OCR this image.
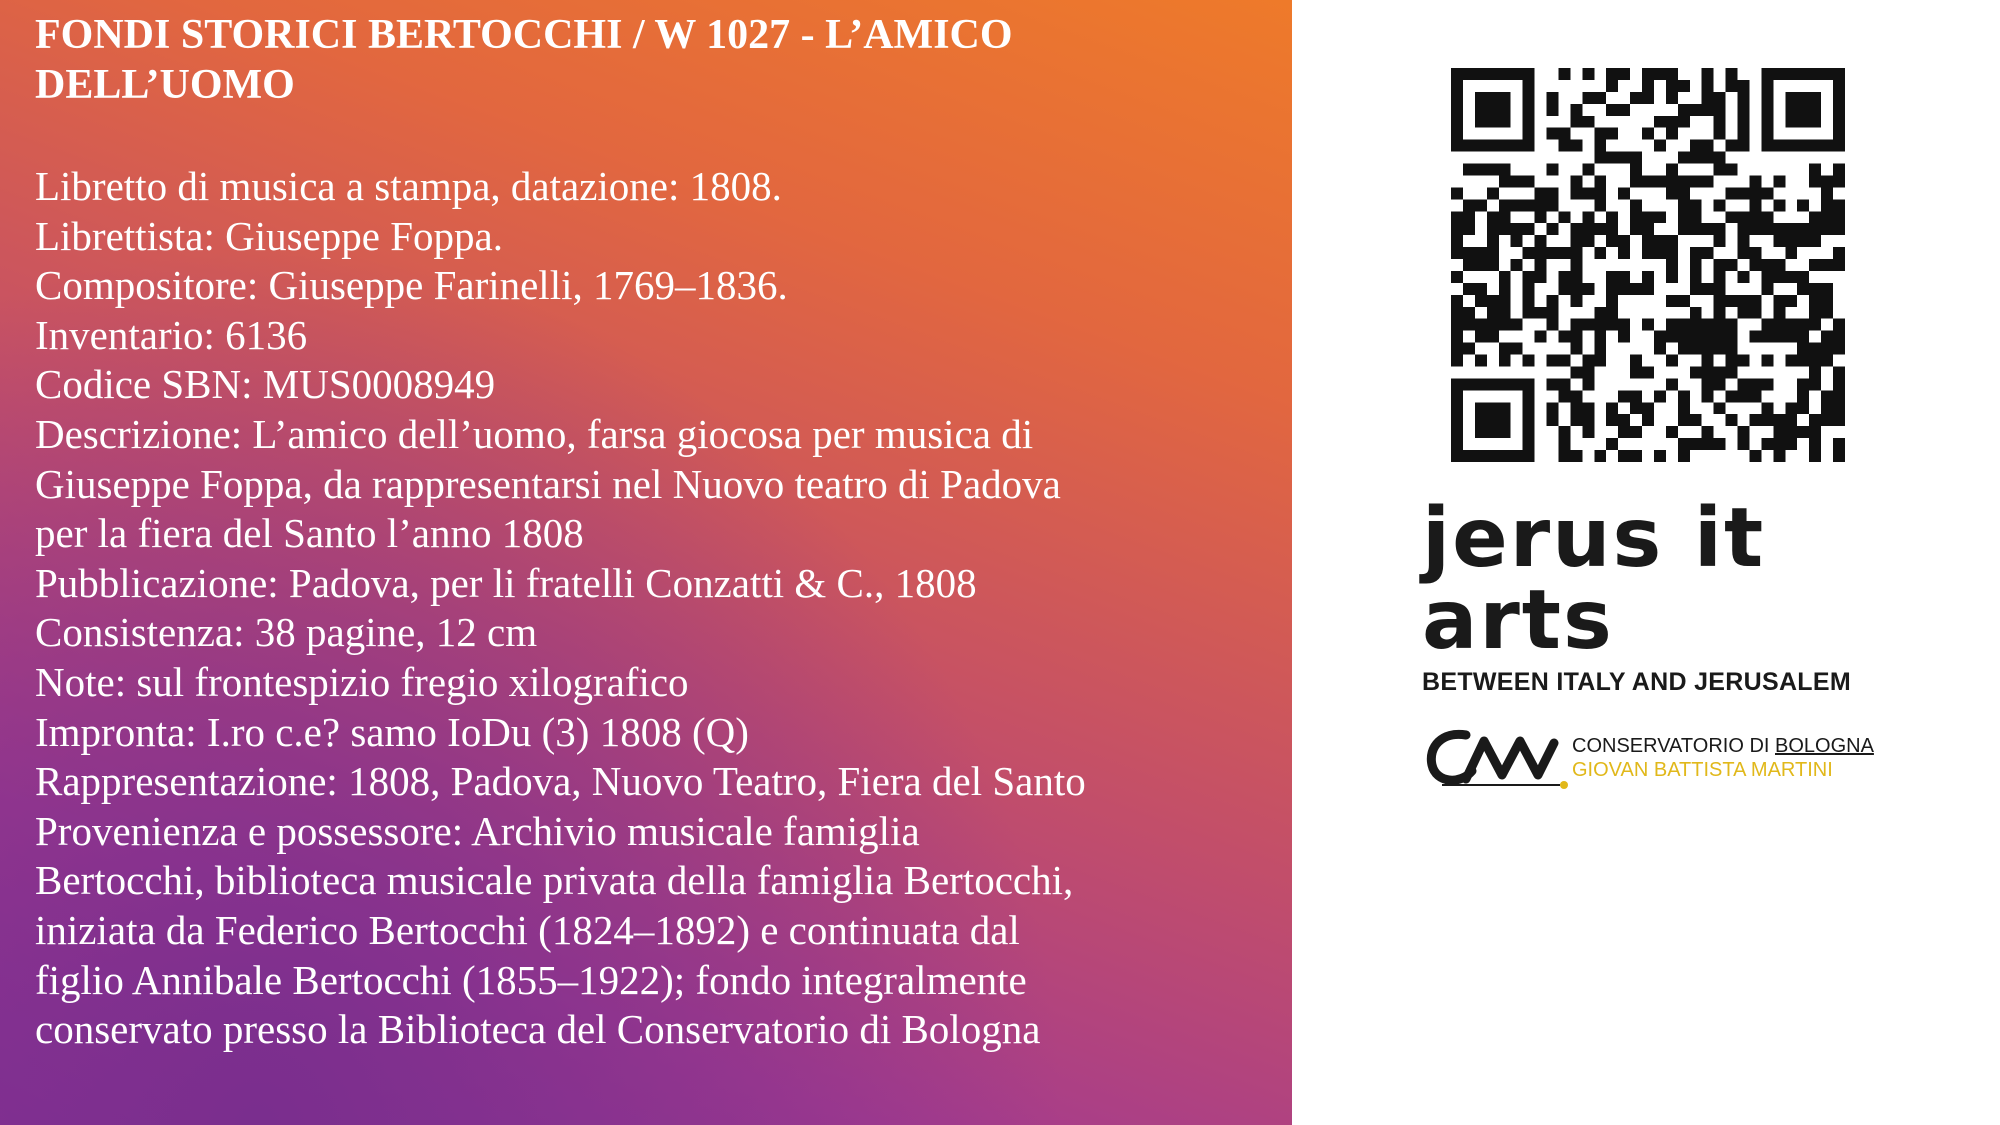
FONDI STORICI BERTOCCHI / W 1027 - L’AMICO DELL’UOMO
Libretto di musica a stampa, datazione: 1808.
Librettista: Giuseppe Foppa.
Compositore: Giuseppe Farinelli, 1769–1836.
Inventario: 6136
Codice SBN: MUS0008949
Descrizione: L’amico dell’uomo, farsa giocosa per musica di
Giuseppe Foppa, da rappresentarsi nel Nuovo teatro di Padova
per la fiera del Santo l’anno 1808
Pubblicazione: Padova, per li fratelli Conzatti & C., 1808
Consistenza: 38 pagine, 12 cm
Note: sul frontespizio fregio xilografico
Impronta: I.ro c.e? samo IoDu (3) 1808 (Q)
Rappresentazione: 1808, Padova, Nuovo Teatro, Fiera del Santo
Provenienza e possessore: Archivio musicale famiglia
Bertocchi, biblioteca musicale privata della famiglia Bertocchi,
iniziata da Federico Bertocchi (1824–1892) e continuata dal
figlio Annibale Bertocchi (1855–1922); fondo integralmente
conservato presso la Biblioteca del Conservatorio di Bologna
jerus it arts
BETWEEN ITALY AND JERUSALEM
CONSERVATORIO DI BOLOGNA
GIOVAN BATTISTA MARTINI
